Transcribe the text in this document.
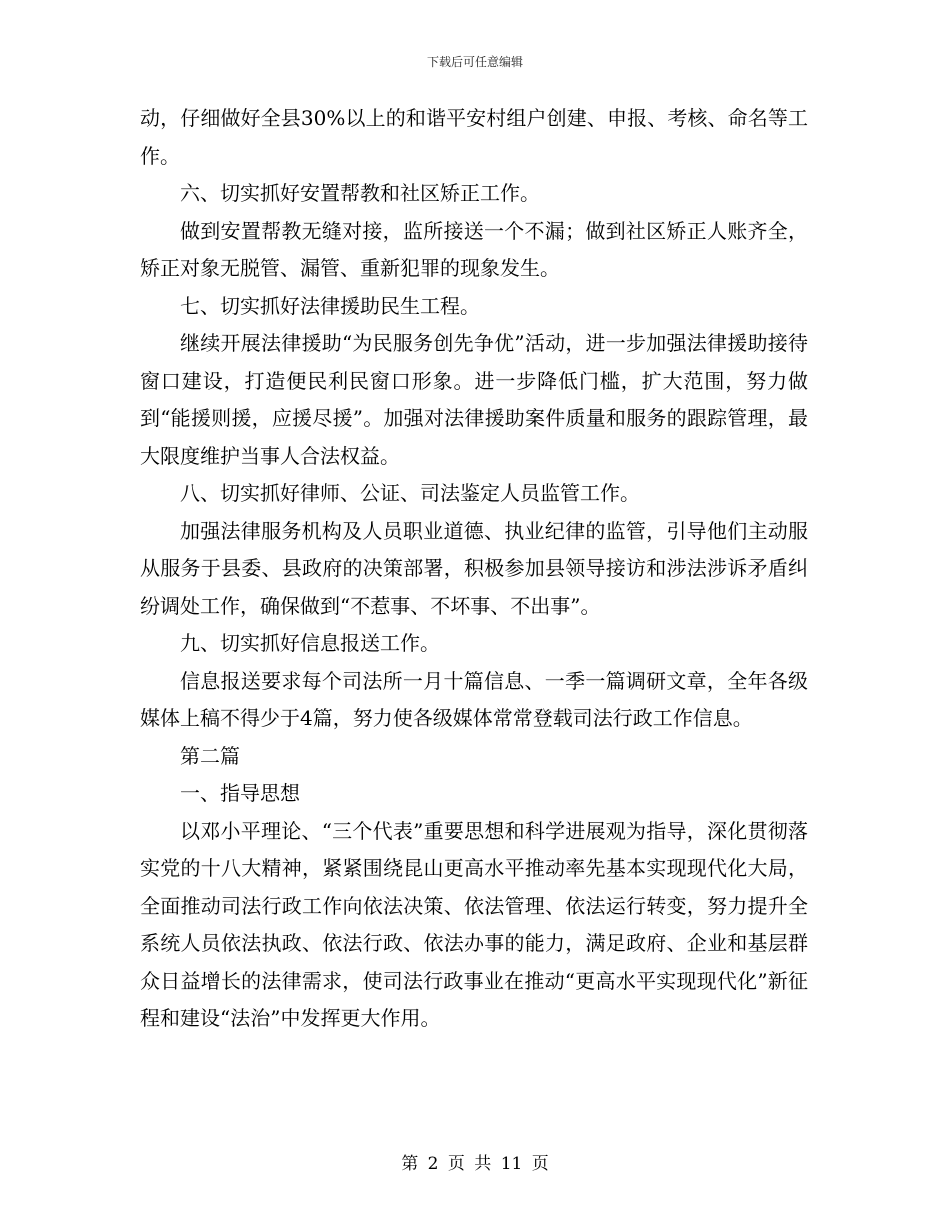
下载后可任意编辑

动，仔细做好全县30%以上的和谐平安村组户创建、申报、考核、命名等工作。

六、切实抓好安置帮教和社区矫正工作。

做到安置帮教无缝对接，监所接送一个不漏；做到社区矫正人账齐全，矫正对象无脱管、漏管、重新犯罪的现象发生。

七、切实抓好法律援助民生工程。

继续开展法律援助“为民服务创先争优”活动，进一步加强法律援助接待窗口建设，打造便民利民窗口形象。进一步降低门槛，扩大范围，努力做到“能援则援，应援尽援”。加强对法律援助案件质量和服务的跟踪管理，最大限度维护当事人合法权益。

八、切实抓好律师、公证、司法鉴定人员监管工作。

加强法律服务机构及人员职业道德、执业纪律的监管，引导他们主动服从服务于县委、县政府的决策部署，积极参加县领导接访和涉法涉诉矛盾纠纷调处工作，确保做到“不惹事、不坏事、不出事”。

九、切实抓好信息报送工作。

信息报送要求每个司法所一月十篇信息、一季一篇调研文章，全年各级媒体上稿不得少于4篇，努力使各级媒体常常登载司法行政工作信息。

第二篇

一、指导思想

以邓小平理论、“三个代表”重要思想和科学进展观为指导，深化贯彻落实党的十八大精神，紧紧围绕昆山更高水平推动率先基本实现现代化大局，全面推动司法行政工作向依法决策、依法管理、依法运行转变，努力提升全系统人员依法执政、依法行政、依法办事的能力，满足政府、企业和基层群众日益增长的法律需求，使司法行政事业在推动“更高水平实现现代化”新征程和建设“法治”中发挥更大作用。

第 2 页 共 11 页
